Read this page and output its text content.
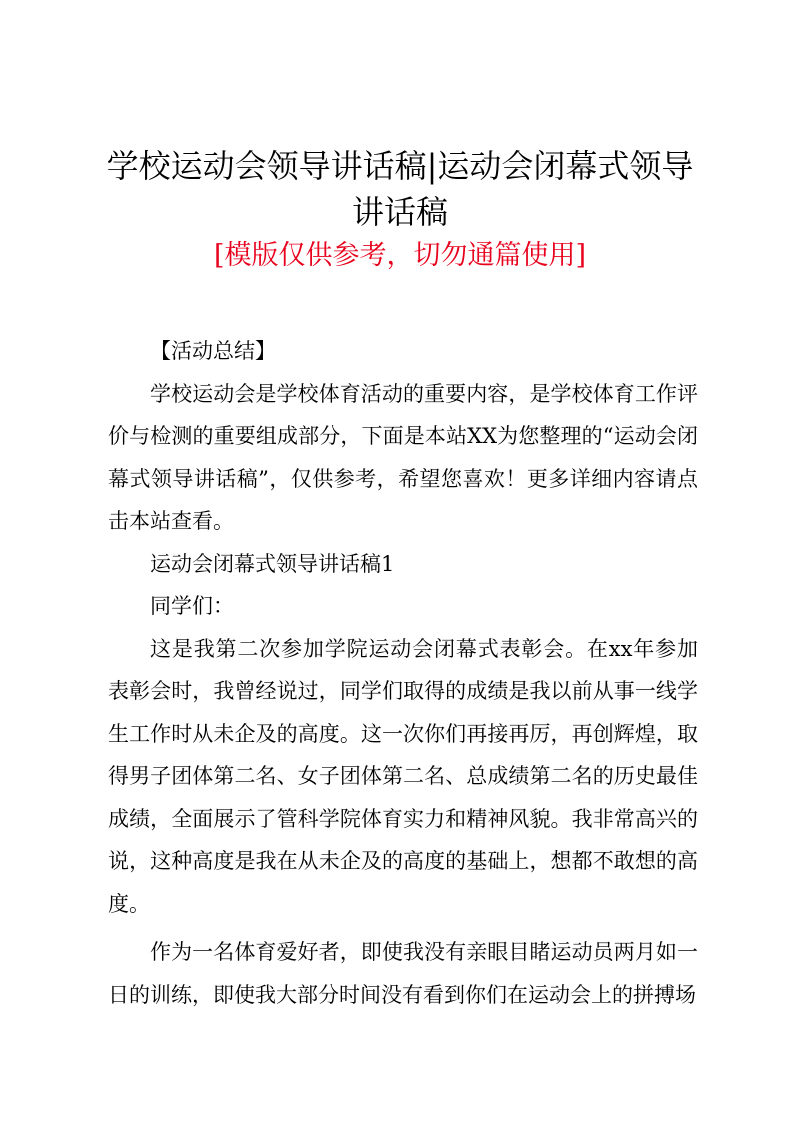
学校运动会领导讲话稿|运动会闭幕式领导讲话稿
[模版仅供参考，切勿通篇使用]

【活动总结】

学校运动会是学校体育活动的重要内容，是学校体育工作评价与检测的重要组成部分，下面是本站XX为您整理的“运动会闭幕式领导讲话稿”，仅供参考，希望您喜欢！更多详细内容请点击本站查看。

运动会闭幕式领导讲话稿1

同学们：

这是我第二次参加学院运动会闭幕式表彰会。在xx年参加表彰会时，我曾经说过，同学们取得的成绩是我以前从事一线学生工作时从未企及的高度。这一次你们再接再厉，再创辉煌，取得男子团体第二名、女子团体第二名、总成绩第二名的历史最佳成绩，全面展示了管科学院体育实力和精神风貌。我非常高兴的说，这种高度是我在从未企及的高度的基础上，想都不敢想的高度。

作为一名体育爱好者，即使我没有亲眼目睹运动员两月如一日的训练，即使我大部分时间没有看到你们在运动会上的拼搏场
